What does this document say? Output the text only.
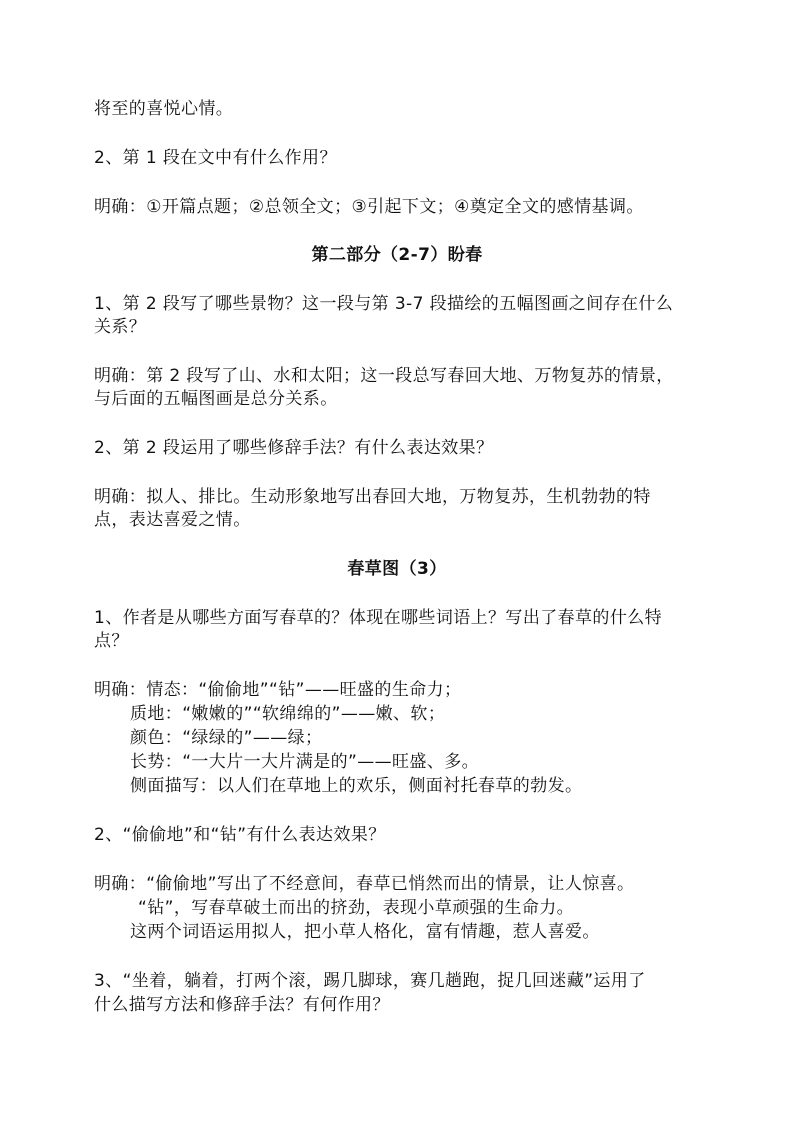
将至的喜悦心情。
2、第 1 段在文中有什么作用？
明确：①开篇点题；②总领全文；③引起下文；④奠定全文的感情基调。
第二部分（2-7）盼春
1、第 2 段写了哪些景物？这一段与第 3-7 段描绘的五幅图画之间存在什么
关系？
明确：第 2 段写了山、水和太阳；这一段总写春回大地、万物复苏的情景，
与后面的五幅图画是总分关系。
2、第 2 段运用了哪些修辞手法？有什么表达效果？
明确：拟人、排比。生动形象地写出春回大地，万物复苏，生机勃勃的特
点，表达喜爱之情。
春草图（3）
1、作者是从哪些方面写春草的？体现在哪些词语上？写出了春草的什么特
点？
明确：情态：“偷偷地”“钻”——旺盛的生命力；
质地：“嫩嫩的”“软绵绵的”——嫩、软；
颜色：“绿绿的”——绿；
长势：“一大片一大片满是的”——旺盛、多。
侧面描写：以人们在草地上的欢乐，侧面衬托春草的勃发。
2、“偷偷地”和“钻”有什么表达效果？
明确：“偷偷地”写出了不经意间，春草已悄然而出的情景，让人惊喜。
“钻”，写春草破土而出的挤劲，表现小草顽强的生命力。
这两个词语运用拟人，把小草人格化，富有情趣，惹人喜爱。
3、“坐着，躺着，打两个滚，踢几脚球，赛几趟跑，捉几回迷藏”运用了
什么描写方法和修辞手法？有何作用？
